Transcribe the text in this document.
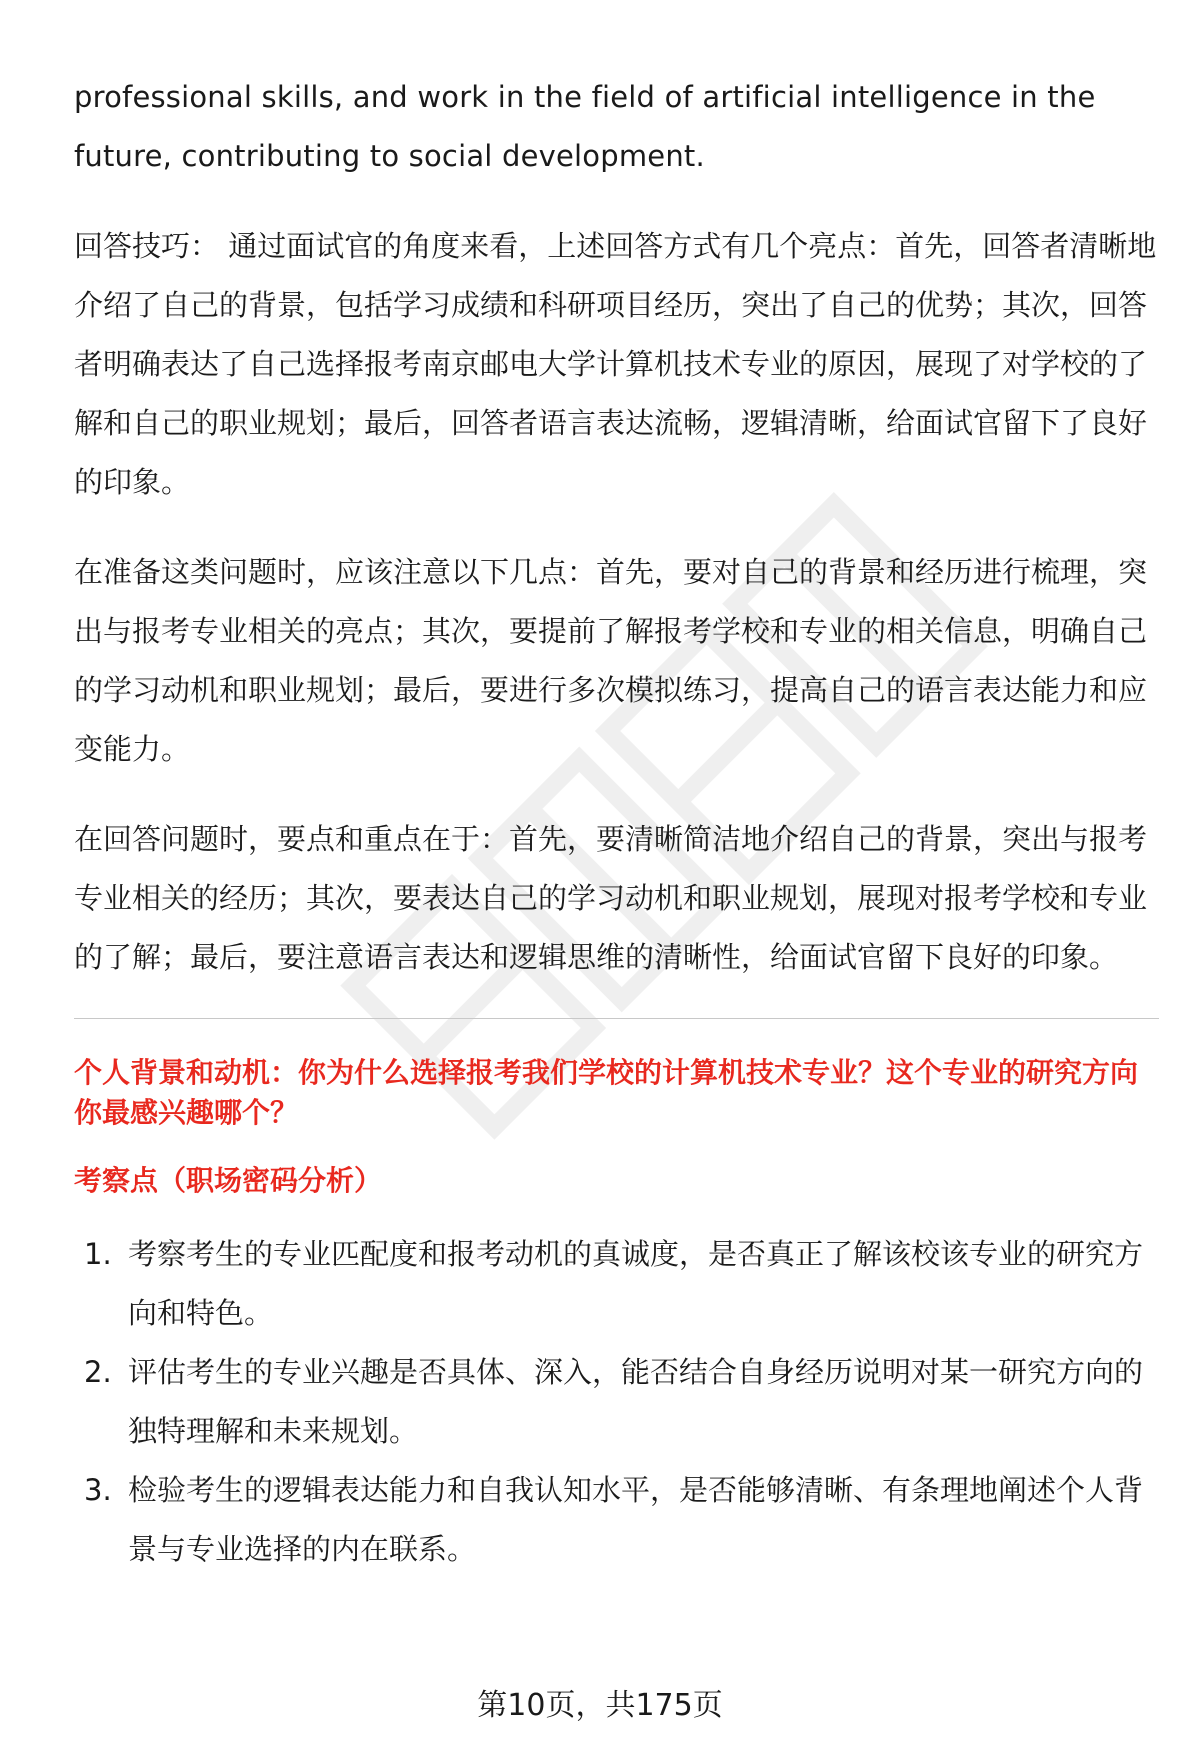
professional skills, and work in the field of artificial intelligence in the future, contributing to social development.

回答技巧： 通过面试官的角度来看，上述回答方式有几个亮点：首先，回答者清晰地介绍了自己的背景，包括学习成绩和科研项目经历，突出了自己的优势；其次，回答者明确表达了自己选择报考南京邮电大学计算机技术专业的原因，展现了对学校的了解和自己的职业规划；最后，回答者语言表达流畅，逻辑清晰，给面试官留下了良好的印象。

在准备这类问题时，应该注意以下几点：首先，要对自己的背景和经历进行梳理，突出与报考专业相关的亮点；其次，要提前了解报考学校和专业的相关信息，明确自己的学习动机和职业规划；最后，要进行多次模拟练习，提高自己的语言表达能力和应变能力。

在回答问题时，要点和重点在于：首先，要清晰简洁地介绍自己的背景，突出与报考专业相关的经历；其次，要表达自己的学习动机和职业规划，展现对报考学校和专业的了解；最后，要注意语言表达和逻辑思维的清晰性，给面试官留下良好的印象。

个人背景和动机：你为什么选择报考我们学校的计算机技术专业？这个专业的研究方向你最感兴趣哪个？
考察点（职场密码分析）
1. 考察考生的专业匹配度和报考动机的真诚度，是否真正了解该校该专业的研究方向和特色。
2. 评估考生的专业兴趣是否具体、深入，能否结合自身经历说明对某一研究方向的独特理解和未来规划。
3. 检验考生的逻辑表达能力和自我认知水平，是否能够清晰、有条理地阐述个人背景与专业选择的内在联系。
第10页，共175页
